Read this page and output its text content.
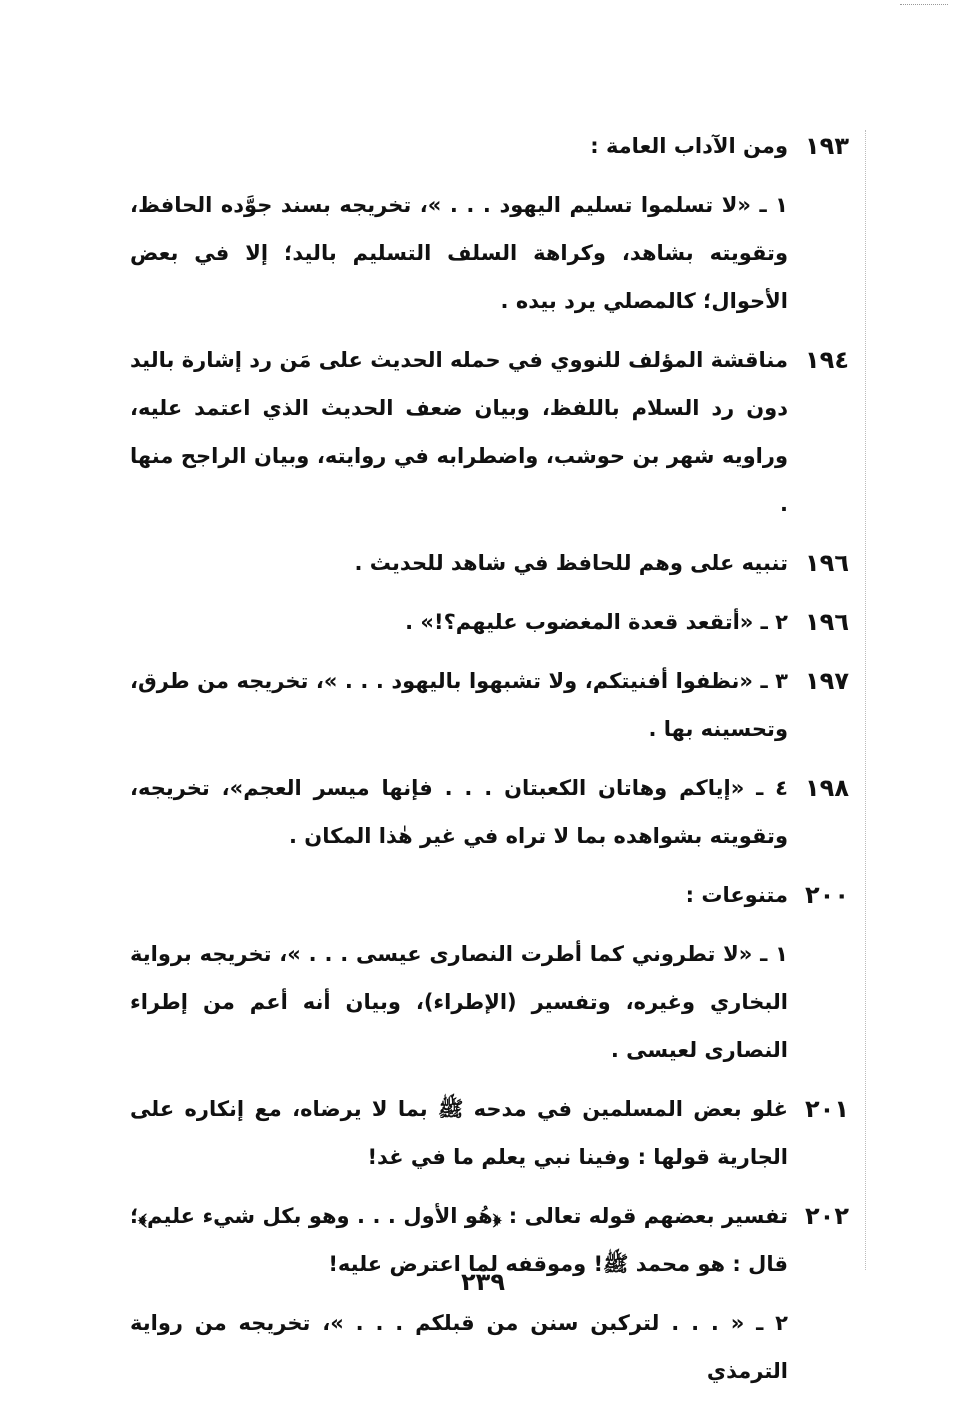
١٩٣
ومن الآداب العامة :
١ ـ «لا تسلموا تسليم اليهود . . . »، تخريجه بسند جوَّده الحافظ، وتقويته بشاهد، وكراهة السلف التسليم باليد؛ إلا في بعض الأحوال؛ كالمصلي يرد بيده .
١٩٤
مناقشة المؤلف للنووي في حمله الحديث على مَن رد إشارة باليد دون رد السلام باللفظ، وبيان ضعف الحديث الذي اعتمد عليه، وراويه شهر بن حوشب، واضطرابه في روايته، وبيان الراجح منها .
١٩٦
تنبيه على وهم للحافظ في شاهد للحديث .
١٩٦
٢ ـ «أتقعد قعدة المغضوب عليهم؟!» .
١٩٧
٣ ـ «نظفوا أفنيتكم، ولا تشبهوا باليهود . . . »، تخريجه من طرق، وتحسينه بها .
١٩٨
٤ ـ «إياكم وهاتان الكعبتان . . . فإنها ميسر العجم»، تخريجه، وتقويته بشواهده بما لا تراه في غير هٰذا المكان .
٢٠٠
متنوعات :
١ ـ «لا تطروني كما أطرت النصارى عيسى . . . »، تخريجه برواية البخاري وغيره، وتفسير (الإطراء)، وبيان أنه أعم من إطراء النصارى لعيسى .
٢٠١
غلو بعض المسلمين في مدحه ﷺ بما لا يرضاه، مع إنكاره على الجارية قولها : وفينا نبي يعلم ما في غد!
٢٠٢
تفسير بعضهم قوله تعالى : ﴿هُو الأول . . . وهو بكل شيء عليم﴾؛ قال : هو محمد ﷺ! وموقفه لما اعترض عليه!
٢ ـ « . . . لتركبن سنن من قبلكم . . . »، تخريجه من رواية الترمذي
٢٣٩
